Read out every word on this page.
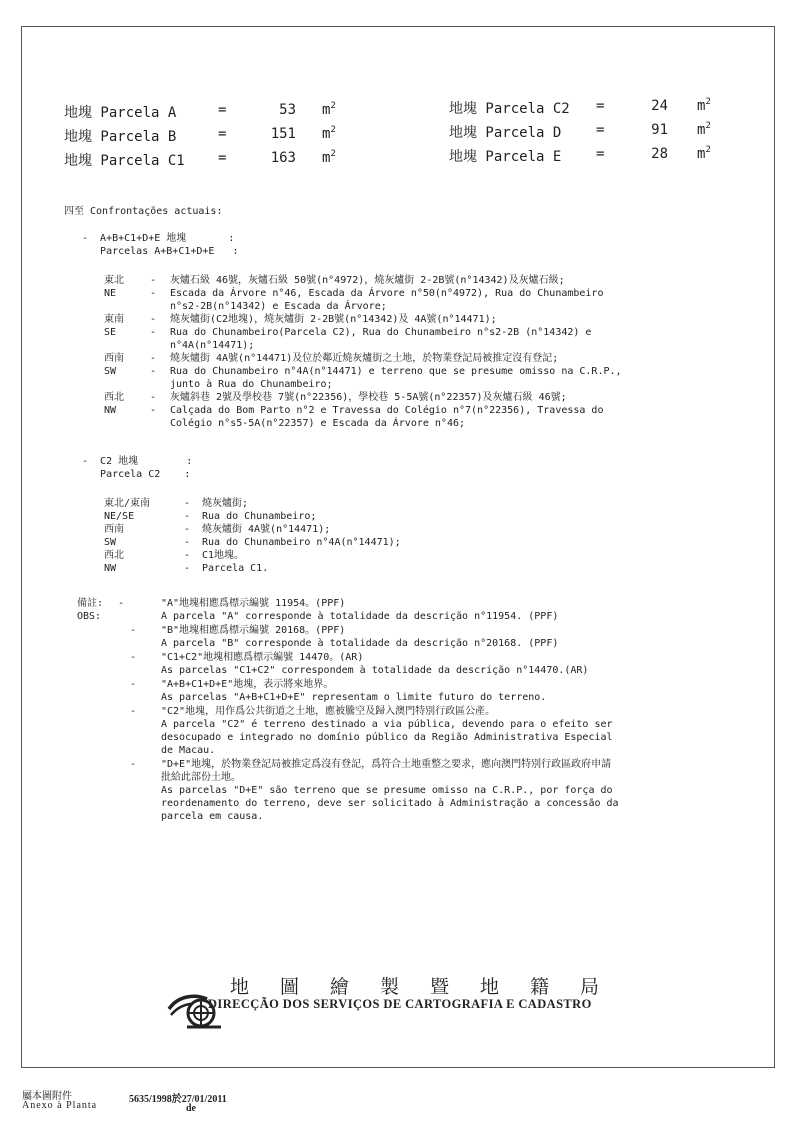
地塊 Parcela A	=	53 $m^2$
地塊 Parcela B	=	151 $m^2$
地塊 Parcela C1 =	163 $m^2$
地塊 Parcela C2 =	24 $m^2$
地塊 Parcela D =	91 $m^2$
地塊 Parcela E =	28 $m^2$
四至 Confrontações actuais:
-  A+B+C1+D+E 地塊       :
Parcelas A+B+C1+D+E   :
東北	- 灰爐石級 46號，灰爐石級 50號(n°4972)，燒灰爐街 2-2B號(n°14342)及灰爐石級;
NE	- Escada da Árvore n°46, Escada da Árvore n°50(n°4972), Rua do Chunambeiro
n°s2-2B(n°14342) e Escada da Árvore;
東南	- 燒灰爐街(C2地塊)，燒灰爐街 2-2B號(n°14342)及 4A號(n°14471);
SE	- Rua do Chunambeiro(Parcela C2), Rua do Chunambeiro n°s2-2B (n°14342) e
n°4A(n°14471);
西南	- 燒灰爐街 4A號(n°14471)及位於鄰近燒灰爐街之土地，於物業登記局被推定沒有登記;
SW	- Rua do Chunambeiro n°4A(n°14471) e terreno que se presume omisso na C.R.P.,
junto à Rua do Chunambeiro;
西北	- 灰爐斜巷 2號及學校巷 7號(n°22356)，學校巷 5-5A號(n°22357)及灰爐石級 46號;
NW	- Calçada do Bom Parto n°2 e Travessa do Colégio n°7(n°22356), Travessa do
Colégio n°s5-5A(n°22357) e Escada da Árvore n°46;
-  C2 地塊        :
Parcela C2    :
東北/東南	- 燒灰爐街;
NE/SE	- Rua do Chunambeiro;
西南	- 燒灰爐街 4A號(n°14471);
SW	- Rua do Chunambeiro n°4A(n°14471);
西北	- C1地塊。
NW	- Parcela C1.
備註:
OBS:
-	"A"地塊相應爲標示編號 11954。(PPF)
A parcela "A" corresponde à totalidade da descrição n°11954. (PPF)
- "B"地塊相應爲標示編號 20168。(PPF)
A parcela "B" corresponde à totalidade da descrição n°20168. (PPF)
- "C1+C2"地塊相應爲標示編號 14470。(AR)
As parcelas "C1+C2" correspondem à totalidade da descrição n°14470.(AR)
- "A+B+C1+D+E"地塊，表示將來地界。
As parcelas "A+B+C1+D+E" representam o limite futuro do terreno.
- "C2"地塊，用作爲公共街道之土地，應被騰空及歸入澳門特別行政區公產。
A parcela "C2" é terreno destinado a via pública, devendo para o efeito ser
desocupado e integrado no domínio público da Região Administrativa Especial
de Macau.
- "D+E"地塊，於物業登記局被推定爲沒有登記，爲符合土地重整之要求，應向澳門特別行政區政府申請
批給此部份土地。
As parcelas "D+E" são terreno que se presume omisso na C.R.P., por força do
reordenamento do terreno, deve ser solicitado à Administração a concessão da
parcela em causa.

地圖繪製暨地籍局
DIRECÇÃO DOS SERVIÇOS DE CARTOGRAFIA E CADASTRO
屬本圖附件
Anexo à Planta
5635/1998於27/01/2011
de
